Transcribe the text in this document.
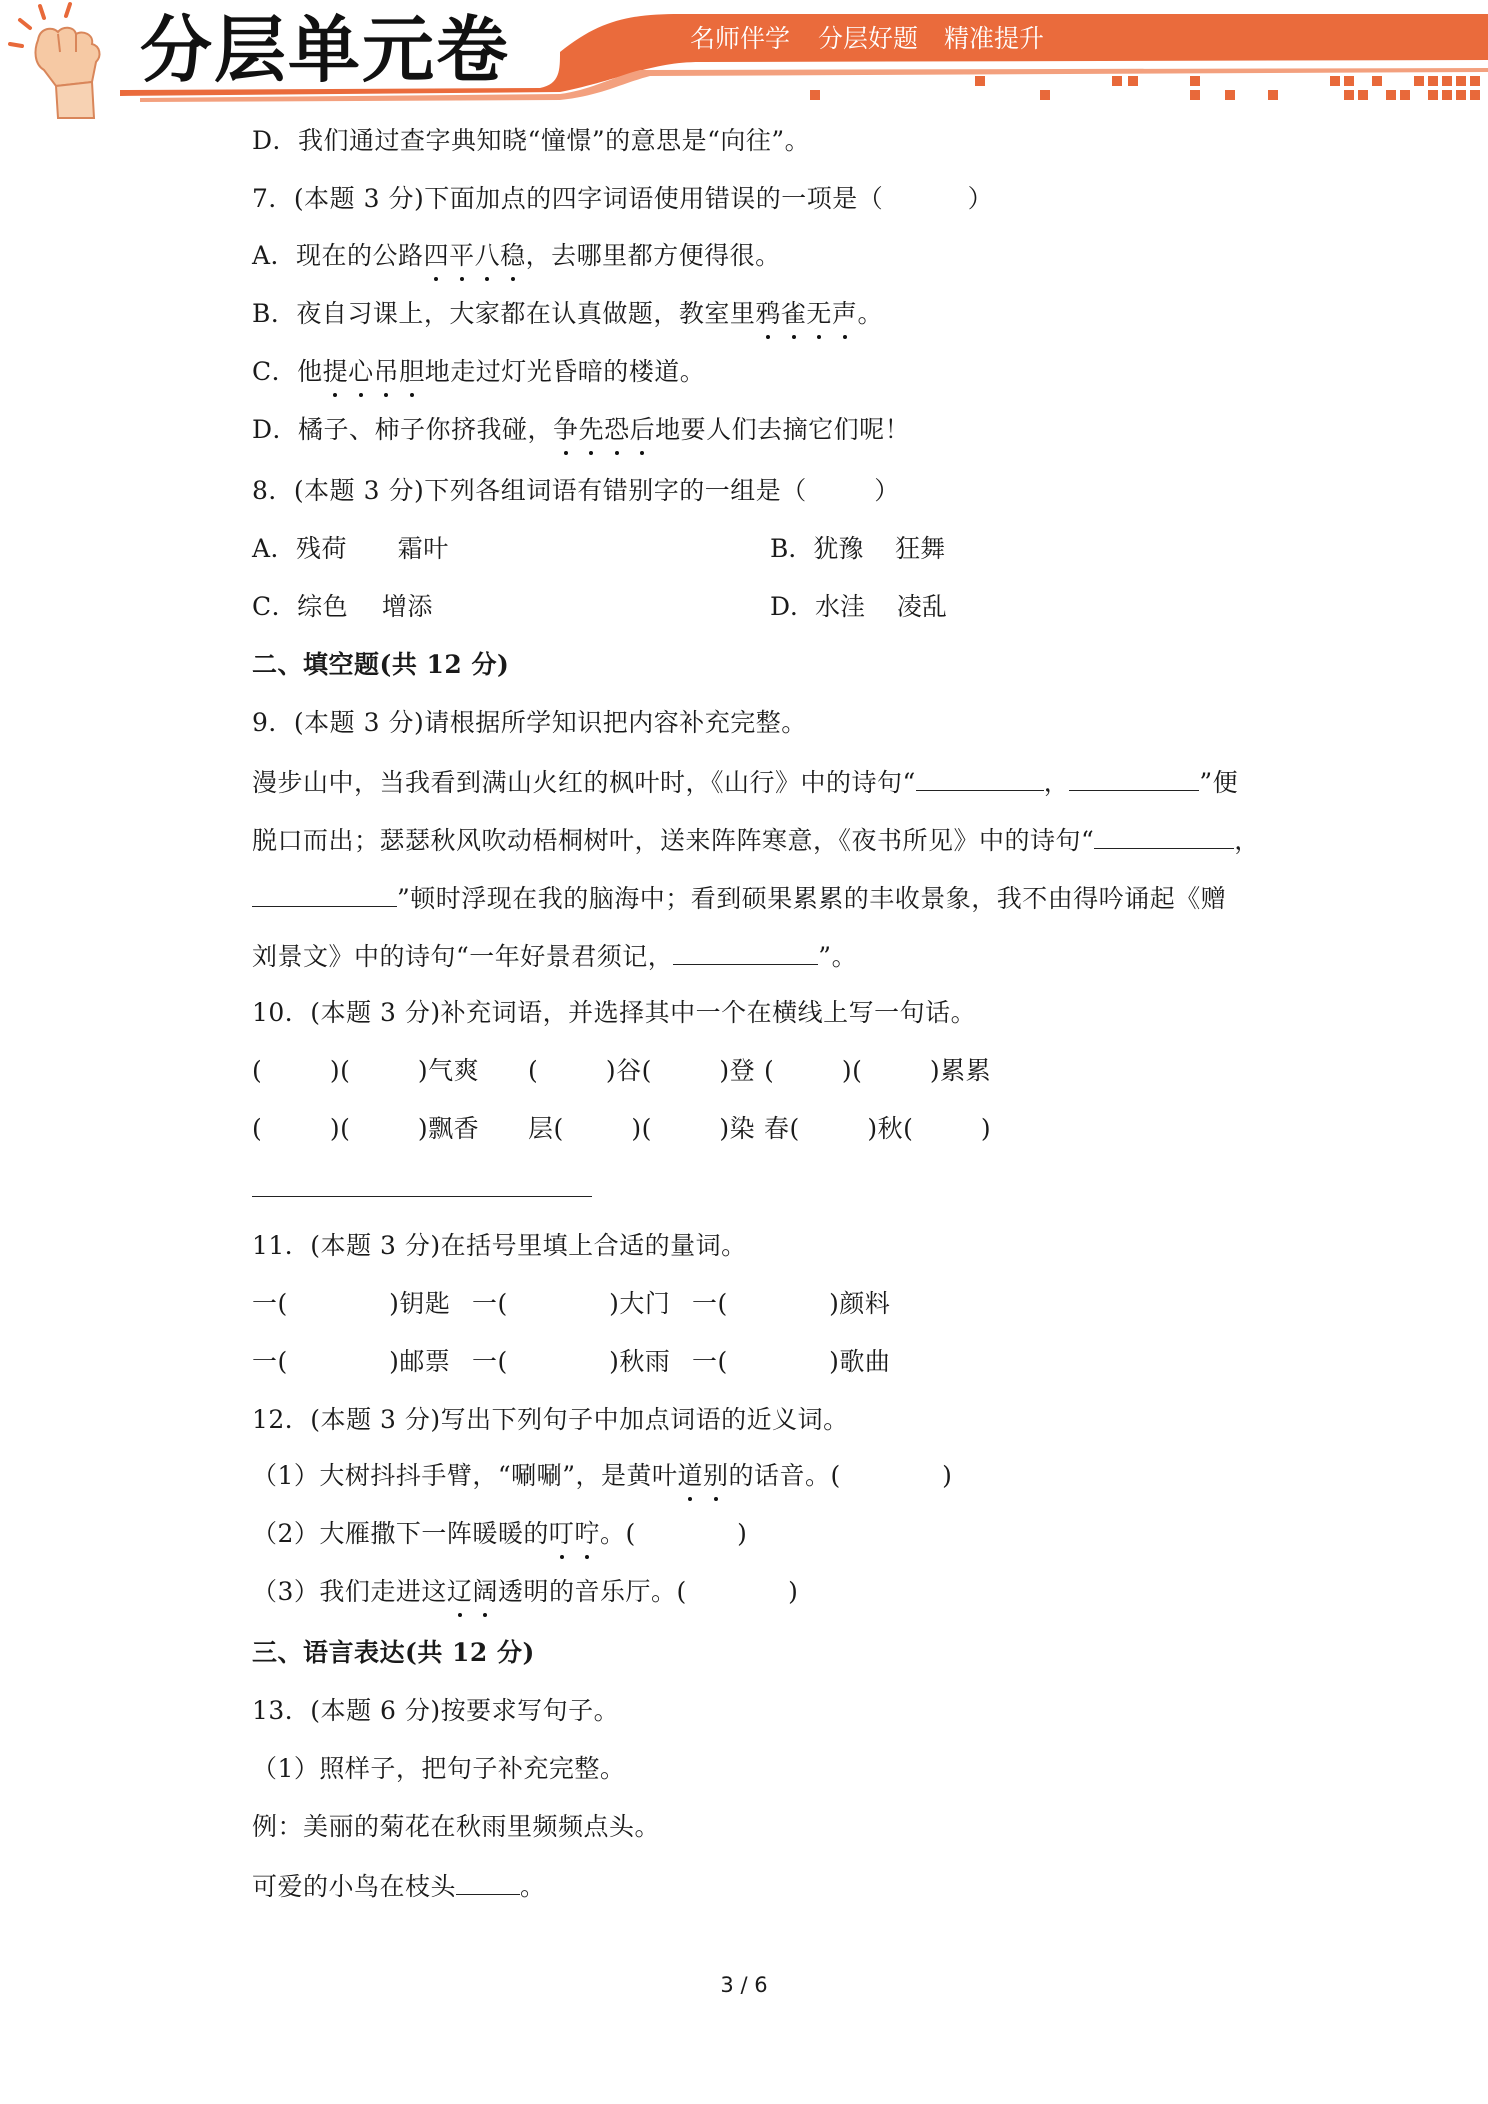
分层单元卷	名师伴学 分层好题 精准提升
D．我们通过查字典知晓“憧憬”的意思是“向往”。
7．(本题 3 分)下面加点的四字词语使用错误的一项是（          ）
A．现在的公路四平八稳，去哪里都方便得很。
B．夜自习课上，大家都在认真做题，教室里鸦雀无声。
C．他提心吊胆地走过灯光昏暗的楼道。
D．橘子、柿子你挤我碰，争先恐后地要人们去摘它们呢！
8．(本题 3 分)下列各组词语有错别字的一组是（        ）
A．残荷      霜叶	B．犹豫    狂舞
C．综色    增添	D．水洼    凌乱
二、填空题(共 12 分)
9．(本题 3 分)请根据所学知识把内容补充完整。
漫步山中，当我看到满山火红的枫叶时，《山行》中的诗句“	，	”便
脱口而出；瑟瑟秋风吹动梧桐树叶，送来阵阵寒意，《夜书所见》中的诗句“	，
”顿时浮现在我的脑海中；看到硕果累累的丰收景象，我不由得吟诵起《赠
刘景文》中的诗句“一年好景君须记，	”。
10．(本题 3 分)补充词语，并选择其中一个在横线上写一句话。
(        )(        )气爽 (        )谷(        )登 (        )(        )累累
(        )(        )飘香 层(        )(        )染 春(        )秋(        )
11．(本题 3 分)在括号里填上合适的量词。
一(            )钥匙 一(            )大门 一(            )颜料
一(            )邮票 一(            )秋雨 一(            )歌曲
12．(本题 3 分)写出下列句子中加点词语的近义词。
（1）大树抖抖手臂，“唰唰”，是黄叶道别的话音。(            )
（2）大雁撒下一阵暖暖的叮咛。(            )
（3）我们走进这辽阔透明的音乐厅。(            )
三、语言表达(共 12 分)
13．(本题 6 分)按要求写句子。
（1）照样子，把句子补充完整。
例：美丽的菊花在秋雨里频频点头。
可爱的小鸟在枝头	。
3 / 6
